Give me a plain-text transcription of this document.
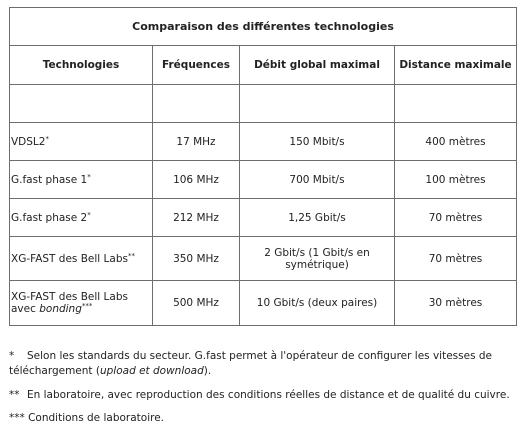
Comparaison des différentes technologies			
Technologies	Fréquences	Débit global maximal	Distance maximale

VDSL2*	17 MHz	150 Mbit/s	400 mètres
G.fast phase 1*	106 MHz	700 Mbit/s	100 mètres
G.fast phase 2*	212 MHz	1,25 Gbit/s	70 mètres
XG-FAST des Bell Labs**	350 MHz	2 Gbit/s (1 Gbit/s en symétrique)	70 mètres
XG-FAST des Bell Labs avec bonding***	500 MHz	10 Gbit/s (deux paires)	30 mètres

* Selon les standards du secteur. G.fast permet à l'opérateur de configurer les vitesses de téléchargement (upload et download).

** En laboratoire, avec reproduction des conditions réelles de distance et de qualité du cuivre.

*** Conditions de laboratoire.
